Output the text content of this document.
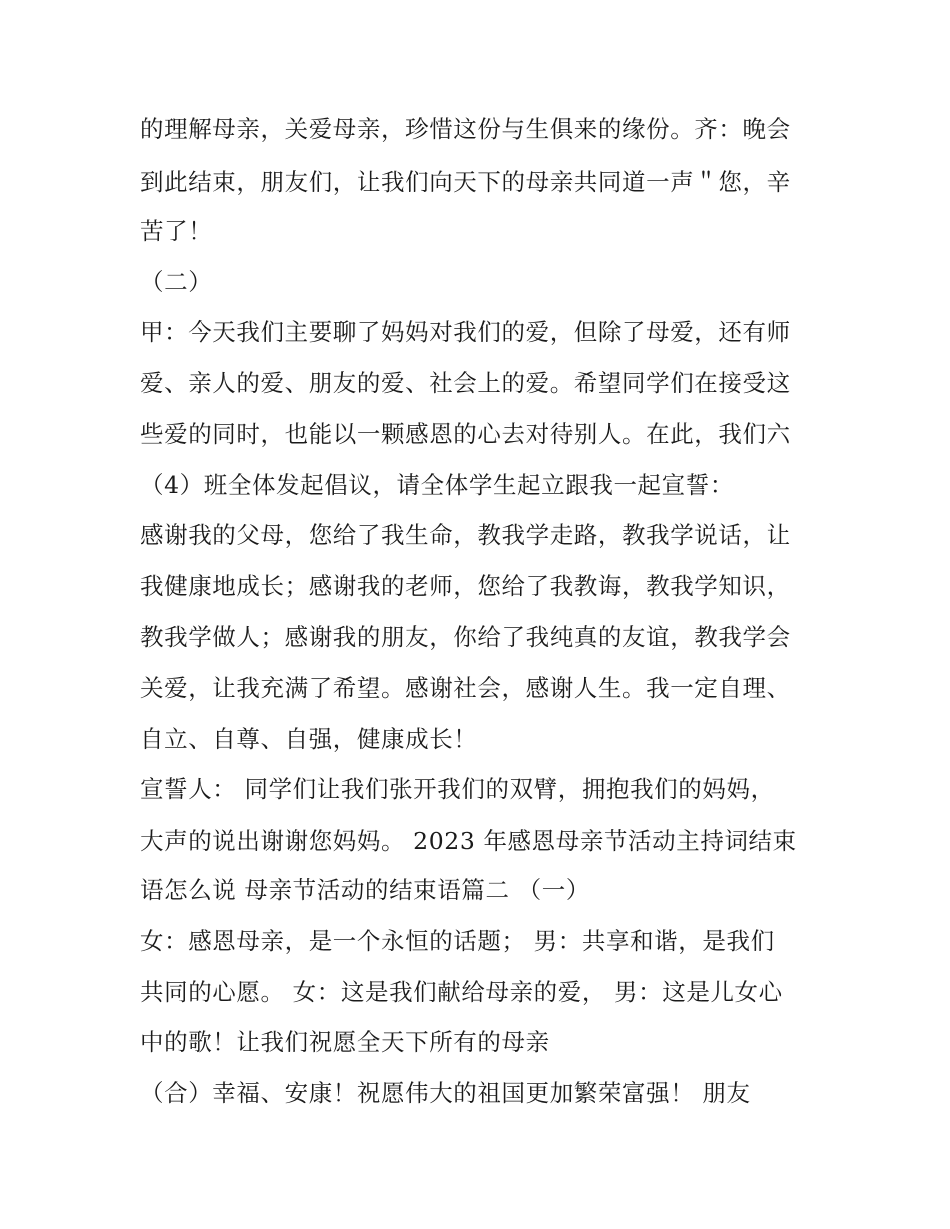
的理解母亲，关爱母亲，珍惜这份与生俱来的缘份。齐：晚会
到此结束，朋友们，让我们向天下的母亲共同道一声＂您，辛
苦了！
（二）
甲：今天我们主要聊了妈妈对我们的爱，但除了母爱，还有师
爱、亲人的爱、朋友的爱、社会上的爱。希望同学们在接受这
些爱的同时，也能以一颗感恩的心去对待别人。在此，我们六
（4）班全体发起倡议，请全体学生起立跟我一起宣誓：
感谢我的父母，您给了我生命，教我学走路，教我学说话，让
我健康地成长；感谢我的老师，您给了我教诲，教我学知识，
教我学做人；感谢我的朋友，你给了我纯真的友谊，教我学会
关爱，让我充满了希望。感谢社会，感谢人生。我一定自理、
自立、自尊、自强，健康成长！
宣誓人： 同学们让我们张开我们的双臂，拥抱我们的妈妈，
大声的说出谢谢您妈妈。 2023 年感恩母亲节活动主持词结束
语怎么说 母亲节活动的结束语篇二 （一）
女：感恩母亲，是一个永恒的话题； 男：共享和谐，是我们
共同的心愿。 女：这是我们献给母亲的爱， 男：这是儿女心
中的歌！让我们祝愿全天下所有的母亲
（合）幸福、安康！祝愿伟大的祖国更加繁荣富强！ 朋友
